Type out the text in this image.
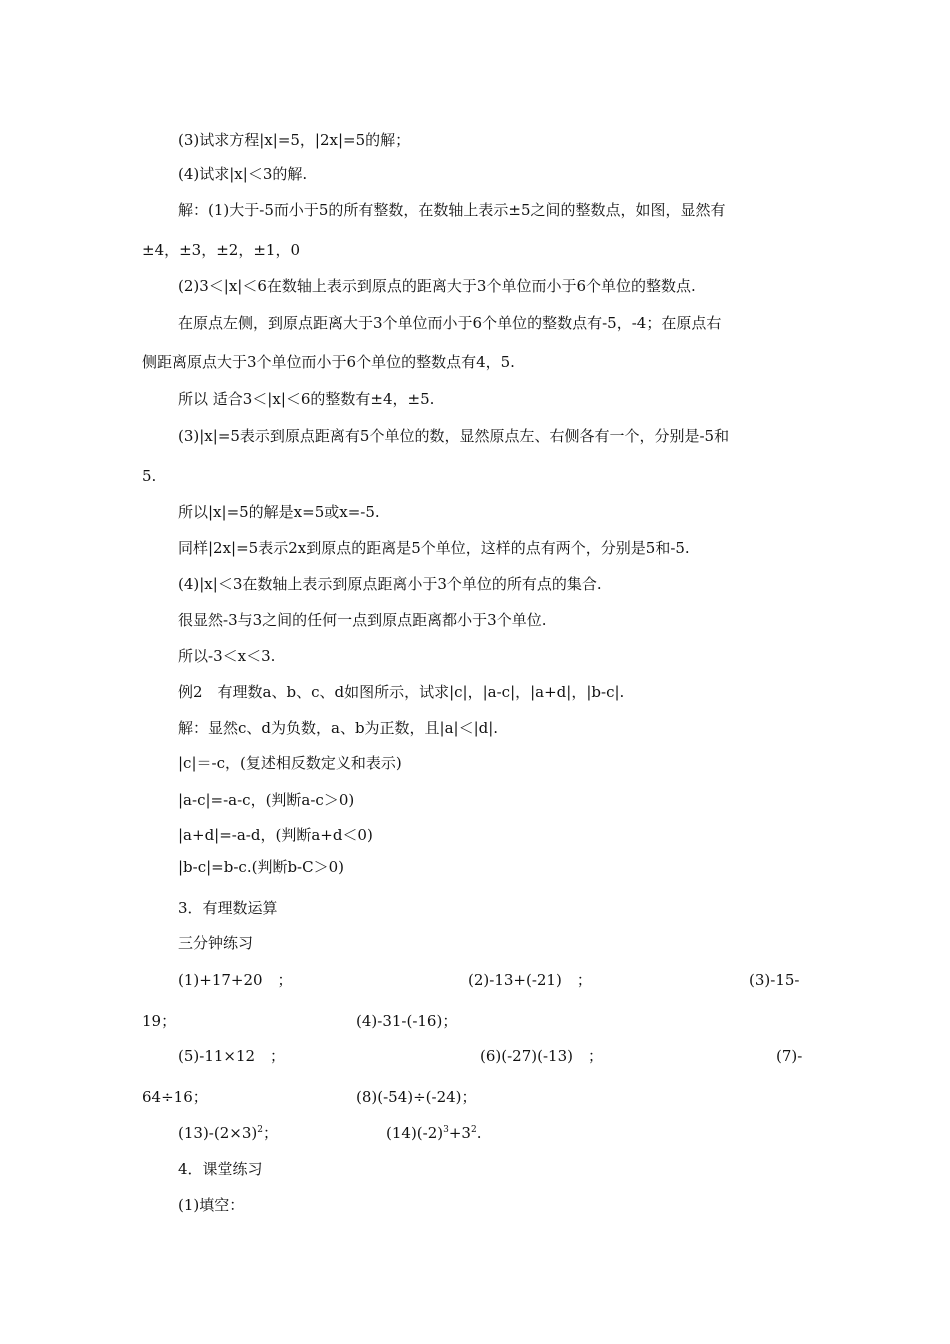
(3)试求方程|x|=5，|2x|=5的解；
(4)试求|x|＜3的解.
解：(1)大于-5而小于5的所有整数，在数轴上表示±5之间的整数点，如图，显然有
±4，±3，±2，±1，0
(2)3＜|x|＜6在数轴上表示到原点的距离大于3个单位而小于6个单位的整数点.
在原点左侧，到原点距离大于3个单位而小于6个单位的整数点有-5，-4；在原点右
侧距离原点大于3个单位而小于6个单位的整数点有4，5.
所以 适合3＜|x|＜6的整数有±4，±5.
(3)|x|=5表示到原点距离有5个单位的数，显然原点左、右侧各有一个，分别是-5和
5.
所以|x|=5的解是x=5或x=-5.
同样|2x|=5表示2x到原点的距离是5个单位，这样的点有两个，分别是5和-5.
(4)|x|＜3在数轴上表示到原点距离小于3个单位的所有点的集合.
很显然-3与3之间的任何一点到原点距离都小于3个单位.
所以-3＜x＜3.
例2　有理数a、b、c、d如图所示，试求|c|，|a-c|，|a+d|，|b-c|.
解：显然c、d为负数，a、b为正数，且|a|＜|d|.
|c|＝-c，(复述相反数定义和表示)
|a-c|=-a-c，(判断a-c＞0)
|a+d|=-a-d，(判断a+d＜0)
|b-c|=b-c.(判断b-C＞0)
3．有理数运算
三分钟练习
(1)+17+20　；	(2)-13+(-21)　；	(3)-15-
19；	(4)-31-(-16)；
(5)-11×12　；	(6)(-27)(-13)　；	(7)-
64÷16；	(8)(-54)÷(-24)；
$(13)-(2\times 3)^2$；	$(14)(-2)^3+3^2$.
4．课堂练习
(1)填空：
